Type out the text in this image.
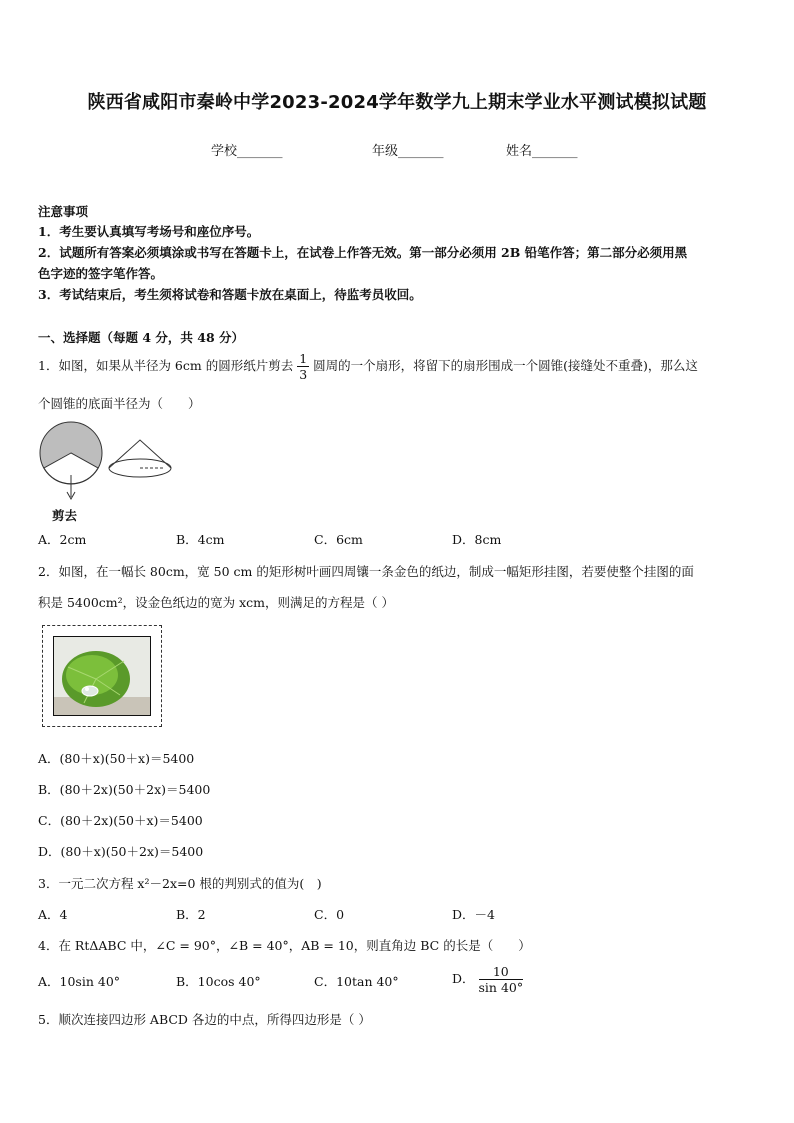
陕西省咸阳市秦岭中学2023-2024学年数学九上期末学业水平测试模拟试题
学校_______	年级_______	姓名_______
注意事项
1．考生要认真填写考场号和座位序号。
2．试题所有答案必须填涂或书写在答题卡上，在试卷上作答无效。第一部分必须用 2B 铅笔作答；第二部分必须用黑
色字迹的签字笔作答。
3．考试结束后，考生须将试卷和答题卡放在桌面上，待监考员收回。
一、选择题（每题 4 分，共 48 分）
1．如图，如果从半径为 6cm 的圆形纸片剪去 $\frac{1}{3}$ 圆周的一个扇形，将留下的扇形围成一个圆锥(接缝处不重叠)，那么这
个圆锥的底面半径为（　　）
剪去
A．2cm	B．4cm	C．6cm	D．8cm
2．如图，在一幅长 80cm，宽 50 cm 的矩形树叶画四周镶一条金色的纸边，制成一幅矩形挂图，若要使整个挂图的面
积是 5400cm²，设金色纸边的宽为 xcm，则满足的方程是（ ）
A．(80＋x)(50＋x)＝5400
B．(80＋2x)(50＋2x)＝5400
C．(80＋2x)(50＋x)＝5400
D．(80＋x)(50＋2x)＝5400
3．一元二次方程 x²－2x=0 根的判别式的值为(　)
A．4	B．2	C．0	D．－4
4．在 RtΔABC 中，∠C = 90°，∠B = 40°，AB = 10，则直角边 BC 的长是（　　）
A．10sin 40°	B．10cos 40°	C．10tan 40°	D． $\frac{10}{\sin 40^\circ}$
5．顺次连接四边形 ABCD 各边的中点，所得四边形是（ ）
